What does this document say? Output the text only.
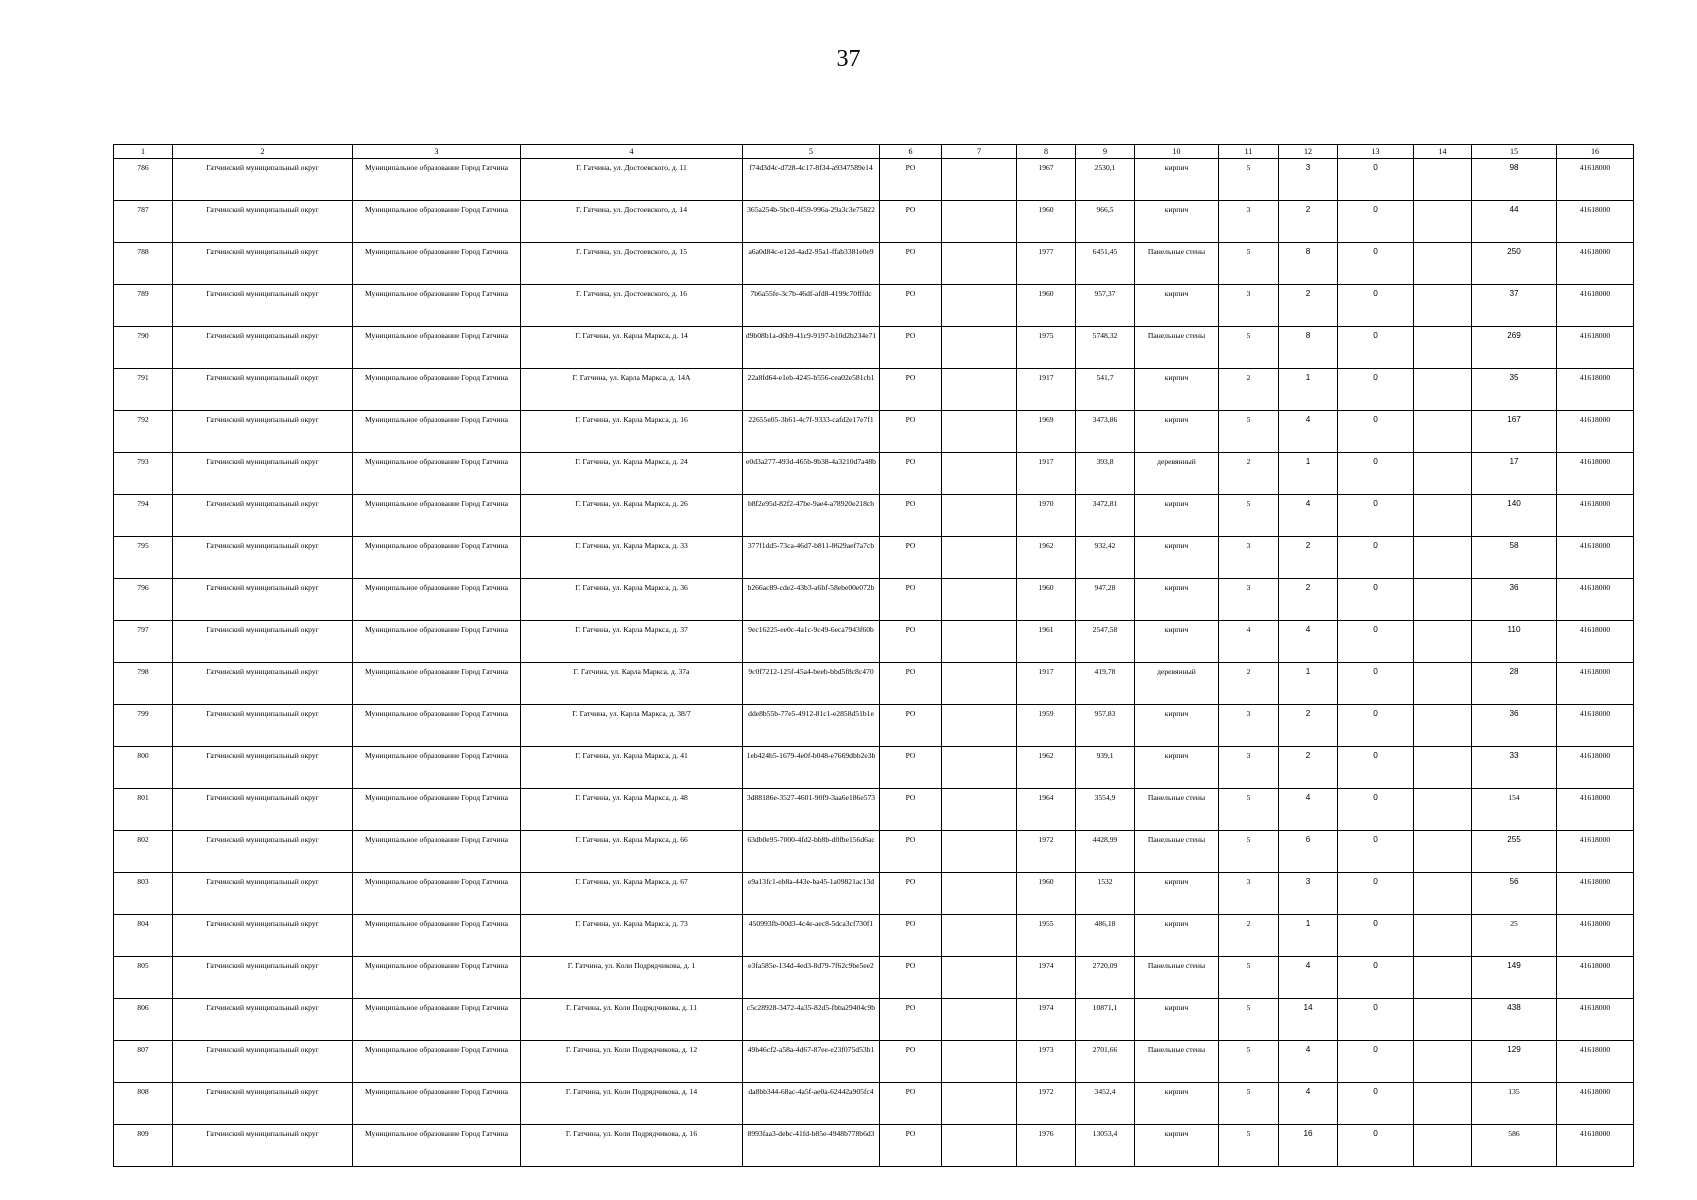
37
1	2	3	4	5	6	7	8	9	10	11	12	13	14	15	16
786	Гатчинский муниципальный округ	Муниципальное образование Город Гатчина	Г. Гатчина, ул. Достоевского, д. 11	f74d3d4c-d728-4c17-8f34-a9347589e14	РО		1967	2530,1	кирпич	5	3	0		98	41618000
787	Гатчинский муниципальный округ	Муниципальное образование Город Гатчина	Г. Гатчина, ул. Достоевского, д. 14	365a254b-5bc0-4f59-996a-29a3c3e75822	РО		1960	966,5	кирпич	3	2	0		44	41618000
788	Гатчинский муниципальный округ	Муниципальное образование Город Гатчина	Г. Гатчина, ул. Достоевского, д. 15	a6a0d84c-e12d-4ad2-95a1-ffab3381e0e9	РО		1977	6451,45	Панельные стены	5	8	0		250	41618000
789	Гатчинский муниципальный округ	Муниципальное образование Город Гатчина	Г. Гатчина, ул. Достоевского, д. 16	7b6a55fe-3c7b-46df-afd8-4199c70fffdc	РО		1960	957,37	кирпич	3	2	0		37	41618000
790	Гатчинский муниципальный округ	Муниципальное образование Город Гатчина	Г. Гатчина, ул. Карла Маркса, д. 14	d9b08b1a-d6b9-41c9-9197-b10d2b234e71	РО		1975	5748,32	Панельные стены	5	8	0		269	41618000
791	Гатчинский муниципальный округ	Муниципальное образование Город Гатчина	Г. Гатчина, ул. Карла Маркса, д. 14А	22a8fd64-e1eb-4245-b556-cea02e581cb1	РО		1917	541,7	кирпич	2	1	0		35	41618000
792	Гатчинский муниципальный округ	Муниципальное образование Город Гатчина	Г. Гатчина, ул. Карла Маркса, д. 16	22655e05-3b61-4c7f-9333-cafd2e17e7f1	РО		1969	3473,86	кирпич	5	4	0		167	41618000
793	Гатчинский муниципальный округ	Муниципальное образование Город Гатчина	Г. Гатчина, ул. Карла Маркса, д. 24	e0d3a277-493d-465b-9b38-4a3210d7a48b	РО		1917	393,8	деревянный	2	1	0		17	41618000
794	Гатчинский муниципальный округ	Муниципальное образование Город Гатчина	Г. Гатчина, ул. Карла Маркса, д. 26	b8f2e95d-82f2-47be-9ae4-a78920e218cb	РО		1970	3472,81	кирпич	5	4	0		140	41618000
795	Гатчинский муниципальный округ	Муниципальное образование Город Гатчина	Г. Гатчина, ул. Карла Маркса, д. 33	377f1dd5-73ca-46d7-b811-8629aef7a7cb	РО		1962	932,42	кирпич	3	2	0		58	41618000
796	Гатчинский муниципальный округ	Муниципальное образование Город Гатчина	Г. Гатчина, ул. Карла Маркса, д. 36	b266ac89-cde2-43b3-a6bf-58ebe00e072b	РО		1960	947,28	кирпич	3	2	0		36	41618000
797	Гатчинский муниципальный округ	Муниципальное образование Город Гатчина	Г. Гатчина, ул. Карла Маркса, д. 37	9ec16225-ee0c-4a1c-9c49-6eca7943f60b	РО		1961	2547,58	кирпич	4	4	0		110	41618000
798	Гатчинский муниципальный округ	Муниципальное образование Город Гатчина	Г. Гатчина, ул. Карла Маркса, д. 37а	9c0f7212-125f-45a4-beeb-bbd5f8c8c470	РО		1917	419,78	деревянный	2	1	0		28	41618000
799	Гатчинский муниципальный округ	Муниципальное образование Город Гатчина	Г. Гатчина, ул. Карла Маркса, д. 38/7	dde8b55b-77e5-4912-81c1-e2858d51b1e	РО		1959	957,83	кирпич	3	2	0		36	41618000
800	Гатчинский муниципальный округ	Муниципальное образование Город Гатчина	Г. Гатчина, ул. Карла Маркса, д. 41	1eb424b5-1679-4e0f-b048-e7669dbb2e3b	РО		1962	939,1	кирпич	3	2	0		33	41618000
801	Гатчинский муниципальный округ	Муниципальное образование Город Гатчина	Г. Гатчина, ул. Карла Маркса, д. 48	3d88186e-3527-4601-90f9-3aa6e186e573	РО		1964	3554,9	Панельные стены	5	4	0		154	41618000
802	Гатчинский муниципальный округ	Муниципальное образование Город Гатчина	Г. Гатчина, ул. Карла Маркса, д. 66	63db0e95-7000-4fd2-bb8b-d0fbe156d6ac	РО		1972	4428,99	Панельные стены	5	6	0		255	41618000
803	Гатчинский муниципальный округ	Муниципальное образование Город Гатчина	Г. Гатчина, ул. Карла Маркса, д. 67	e9a13fc1-eb8a-443e-ba45-1a09821ac13d	РО		1960	1532	кирпич	3	3	0		56	41618000
804	Гатчинский муниципальный округ	Муниципальное образование Город Гатчина	Г. Гатчина, ул. Карла Маркса, д. 73	450993fb-00d3-4c4e-aec8-5dca3cf730f1	РО		1955	486,18	кирпич	2	1	0		25	41618000
805	Гатчинский муниципальный округ	Муниципальное образование Город Гатчина	Г. Гатчина, ул. Коли Подрядчикова, д. 1	e3fa585e-134d-4ed3-8d79-7f62c9be5ee2	РО		1974	2720,09	Панельные стены	5	4	0		149	41618000
806	Гатчинский муниципальный округ	Муниципальное образование Город Гатчина	Г. Гатчина, ул. Коли Подрядчикова, д. 11	c5c28928-3472-4a35-82d5-fbba29404c9b	РО		1974	10871,1	кирпич	5	14	0		438	41618000
807	Гатчинский муниципальный округ	Муниципальное образование Город Гатчина	Г. Гатчина, ул. Коли Подрядчикова, д. 12	49b46cf2-a58a-4d67-87ee-e23f075d53b1	РО		1973	2701,66	Панельные стены	5	4	0		129	41618000
808	Гатчинский муниципальный округ	Муниципальное образование Город Гатчина	Г. Гатчина, ул. Коли Подрядчикова, д. 14	da8bb344-68ac-4a5f-ae0a-62442a905fc4	РО		1972	3452,4	кирпич	5	4	0		135	41618000
809	Гатчинский муниципальный округ	Муниципальное образование Город Гатчина	Г. Гатчина, ул. Коли Подрядчикова, д. 16	8993faa3-debc-41fd-b85e-4948b778b6d3	РО		1976	13053,4	кирпич	5	16	0		586	41618000
